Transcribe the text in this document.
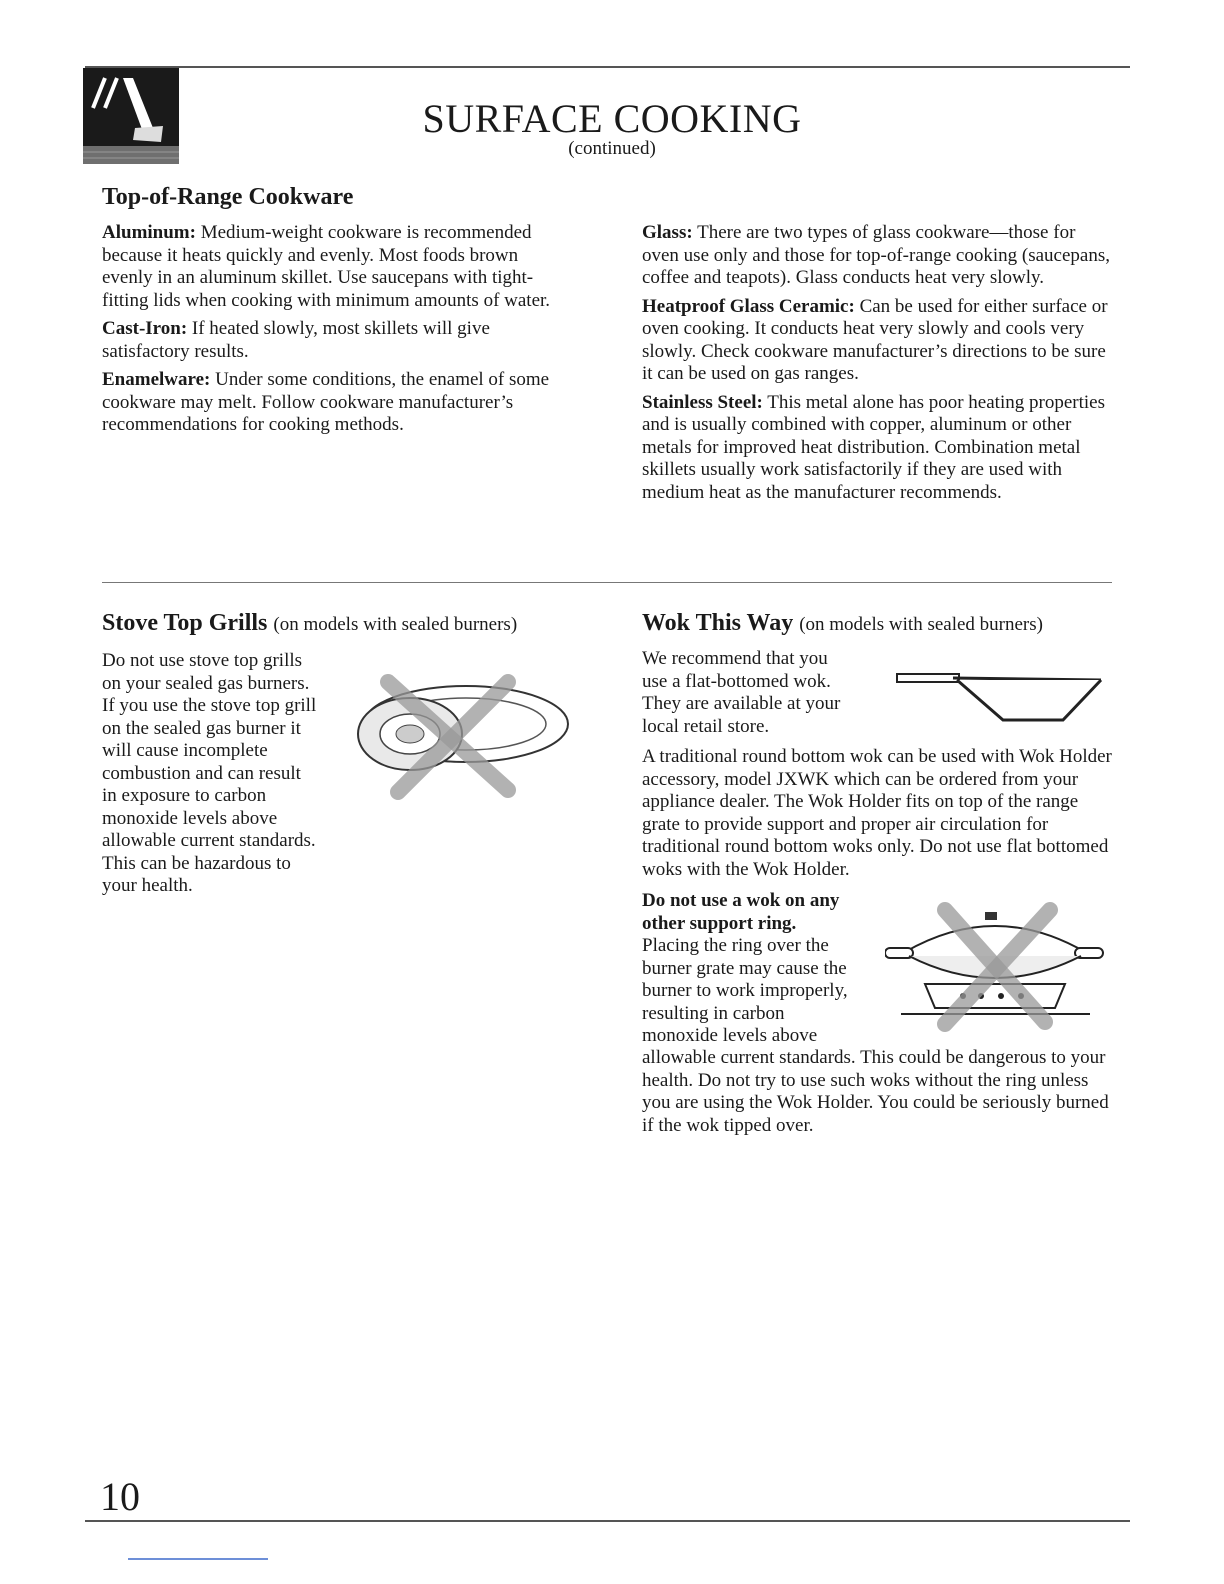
SURFACE COOKING
(continued)
Top-of-Range Cookware

Aluminum: Medium-weight cookware is recommended because it heats quickly and evenly. Most foods brown evenly in an aluminum skillet. Use saucepans with tight-fitting lids when cooking with minimum amounts of water.

Cast-Iron: If heated slowly, most skillets will give satisfactory results.

Enamelware: Under some conditions, the enamel of some cookware may melt. Follow cookware manufacturer’s recommendations for cooking methods.

Glass: There are two types of glass cookware—those for oven use only and those for top-of-range cooking (saucepans, coffee and teapots). Glass conducts heat very slowly.

Heatproof Glass Ceramic: Can be used for either surface or oven cooking. It conducts heat very slowly and cools very slowly. Check cookware manufacturer’s directions to be sure it can be used on gas ranges.

Stainless Steel: This metal alone has poor heating properties and is usually combined with copper, aluminum or other metals for improved heat distribution. Combination metal skillets usually work satisfactorily if they are used with medium heat as the manufacturer recommends.

Stove Top Grills (on models with sealed burners)
Do not use stove top grills
on your sealed gas burners.
If you use the stove top grill
on the sealed gas burner it
will cause incomplete
combustion and can result
in exposure to carbon
monoxide levels above
allowable current standards.
This can be hazardous to
your health.
Wok This Way (on models with sealed burners)
We recommend that you
use a flat-bottomed wok.
They are available at your
local retail store.
A traditional round bottom wok can be used with Wok Holder accessory, model JXWK which can be ordered from your appliance dealer. The Wok Holder fits on top of the range grate to provide support and proper air circulation for traditional round bottom woks only. Do not use flat bottomed woks with the Wok Holder.
Do not use a wok on any
other support ring.
Placing the ring over the
burner grate may cause the
burner to work improperly,
resulting in carbon
monoxide levels above
allowable current standards. This could be dangerous to your health. Do not try to use such woks without the ring unless you are using the Wok Holder. You could be seriously burned if the wok tipped over.
10
